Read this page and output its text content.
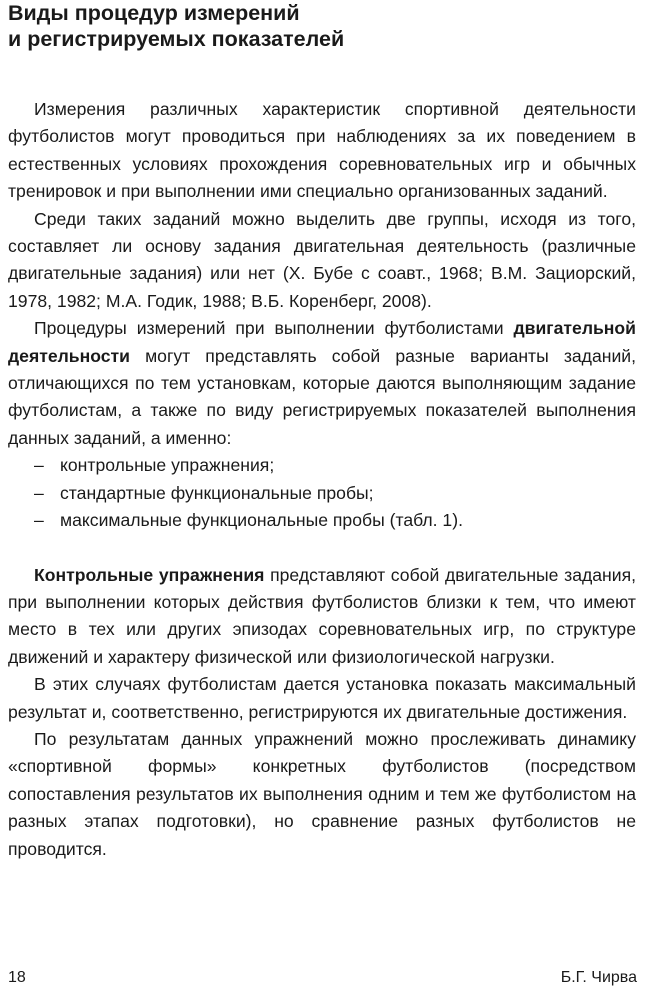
Виды процедур измерений
и регистрируемых показателей

Измерения различных характеристик спортивной деятельности футболистов могут проводиться при наблюдениях за их поведением в естественных условиях прохождения соревновательных игр и обычных тренировок и при выполнении ими специально организованных заданий.

Среди таких заданий можно выделить две группы, исходя из того, составляет ли основу задания двигательная деятельность (различные двигательные задания) или нет (Х. Бубе с соавт., 1968; В.М. Зациорский, 1978, 1982; М.А. Годик, 1988; В.Б. Коренберг, 2008).

Процедуры измерений при выполнении футболистами двигательной деятельности могут представлять собой разные варианты заданий, отличающихся по тем установкам, которые даются выполняющим задание футболистам, а также по виду регистрируемых показателей выполнения данных заданий, а именно:

– контрольные упражнения;
– стандартные функциональные пробы;
– максимальные функциональные пробы (табл. 1).

Контрольные упражнения представляют собой двигательные задания, при выполнении которых действия футболистов близки к тем, что имеют место в тех или других эпизодах соревновательных игр, по структуре движений и характеру физической или физиологической нагрузки.

В этих случаях футболистам дается установка показать максимальный результат и, соответственно, регистрируются их двигательные достижения.

По результатам данных упражнений можно прослеживать динамику «спортивной формы» конкретных футболистов (посредством сопоставления результатов их выполнения одним и тем же футболистом на разных этапах подготовки), но сравнение разных футболистов не проводится.

18	Б.Г. Чирва
